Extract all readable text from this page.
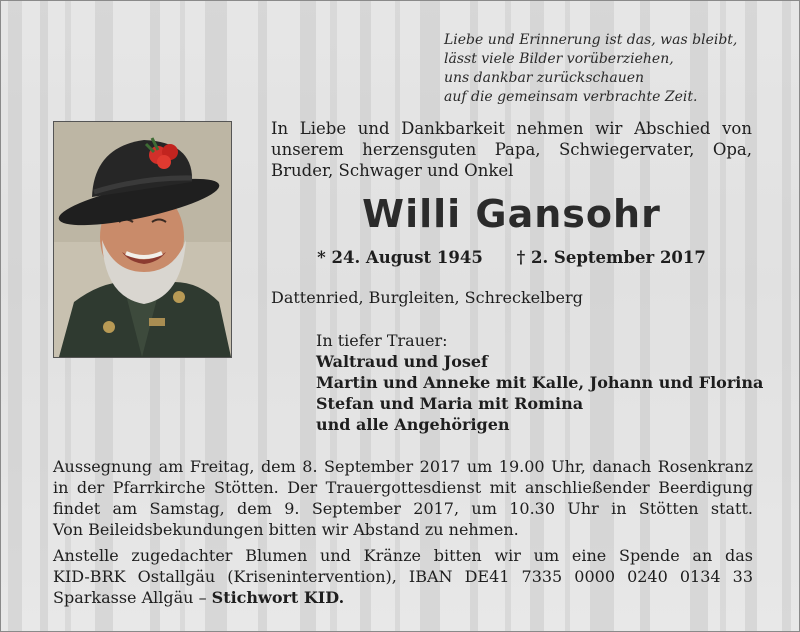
Liebe und Erinnerung ist das, was bleibt,
lässt viele Bilder vorüberziehen,
uns dankbar zurückschauen
auf die gemeinsam verbrachte Zeit.
In Liebe und Dankbarkeit nehmen wir Abschied von
unserem herzensguten Papa, Schwiegervater, Opa,
Bruder, Schwager und Onkel
Willi Gansohr
* 24. August 1945 † 2. September 2017
Dattenried, Burgleiten, Schreckelberg
In tiefer Trauer:
Waltraud und Josef
Martin und Anneke mit Kalle, Johann und Florina
Stefan und Maria mit Romina
und alle Angehörigen
Aussegnung am Freitag, dem 8. September 2017 um 19.00 Uhr, danach Rosenkranz
in der Pfarrkirche Stötten. Der Trauergottesdienst mit anschließender Beerdigung
findet am Samstag, dem 9. September 2017, um 10.30 Uhr in Stötten statt.
Von Beileidsbekundungen bitten wir Abstand zu nehmen.
Anstelle zugedachter Blumen und Kränze bitten wir um eine Spende an das
KID-BRK Ostallgäu (Krisenintervention), IBAN DE41 7335 0000 0240 0134 33
Sparkasse Allgäu – Stichwort KID.
